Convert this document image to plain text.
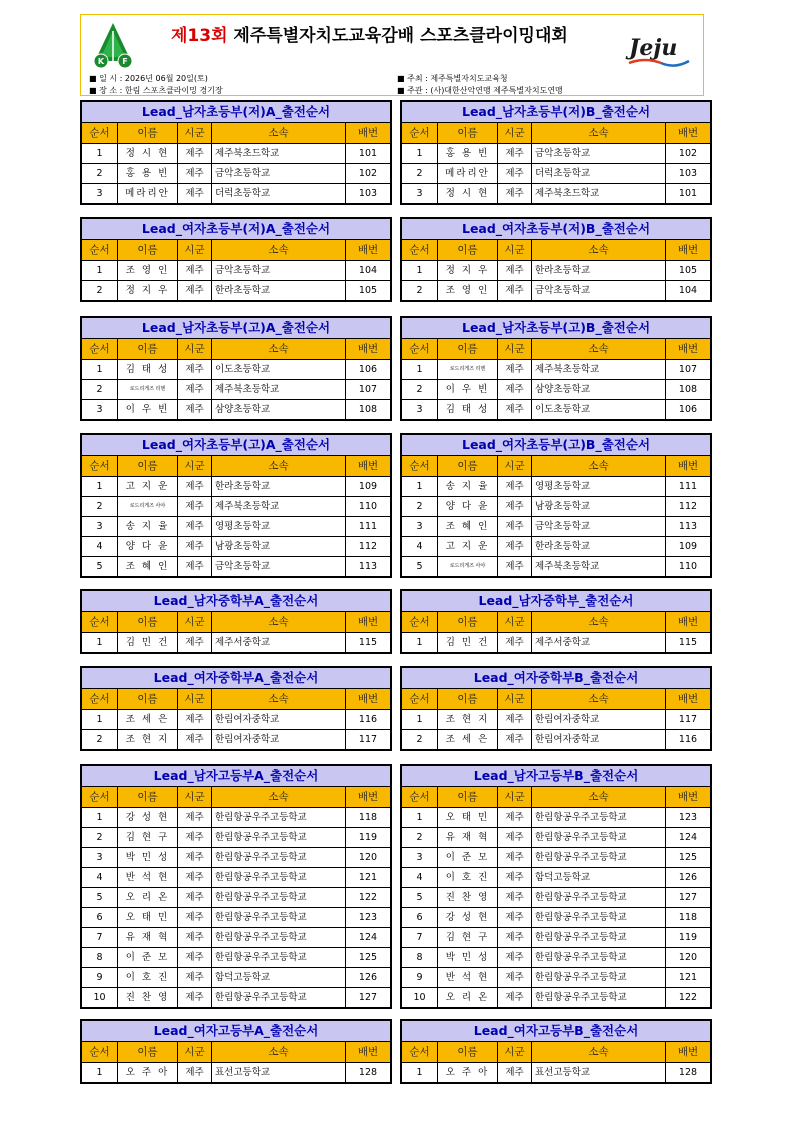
K F
제13회 제주특별자치도교육감배 스포츠클라이밍대회	Jeju
■ 일 시 : 2026년 06월 20일(토)
■ 장 소 : 한림 스포츠클라이밍 경기장
■ 주최 : 제주특별자치도교육청
■ 주관 : (사)대한산악연맹 제주특별자치도연맹
Lead_남자초등부(저)A_출전순서
순서	이름	시군	소속	배번
1	정 시 현	제주	제주북초드학교	101
2	홍 용 빈	제주	금악초등학교	102
3	메라리안	제주	더럭초등학교	103
Lead_남자초등부(저)B_출전순서
순서	이름	시군	소속	배번
1	홍 용 빈	제주	금악초등학교	102
2	메라리안	제주	더럭초등학교	103
3	정 시 현	제주	제주북초드학교	101
Lead_여자초등부(저)A_출전순서
순서	이름	시군	소속	배번
1	조 영 인	제주	금악초등학교	104
2	정 지 우	제주	한라초등학교	105
Lead_여자초등부(저)B_출전순서
순서	이름	시군	소속	배번
1	정 지 우	제주	한라초등학교	105
2	조 영 인	제주	금악초등학교	104
Lead_남자초등부(고)A_출전순서
순서	이름	시군	소속	배번
1	김 태 성	제주	이도초등학교	106
2	로드리게즈 리헨	제주	제주북초등학교	107
3	이 우 빈	제주	삼양초등학교	108
Lead_남자초등부(고)B_출전순서
순서	이름	시군	소속	배번
1	로드리게즈 리헨	제주	제주북초등학교	107
2	이 우 빈	제주	삼양초등학교	108
3	김 태 성	제주	이도초등학교	106
Lead_여자초등부(고)A_출전순서
순서	이름	시군	소속	배번
1	고 지 운	제주	한라초등학교	109
2	로드리게즈 사야	제주	제주북초등학교	110
3	송 지 율	제주	영평초등학교	111
4	양 다 윤	제주	남광초등학교	112
5	조 혜 인	제주	금악초등학교	113
Lead_여자초등부(고)B_출전순서
순서	이름	시군	소속	배번
1	송 지 율	제주	영평초등학교	111
2	양 다 윤	제주	남광초등학교	112
3	조 혜 인	제주	금악초등학교	113
4	고 지 운	제주	한라초등학교	109
5	로드리게즈 사야	제주	제주북초등학교	110
Lead_남자중학부A_출전순서
순서	이름	시군	소속	배번
1	김 민 건	제주	제주서중학교	115
Lead_남자중학부_출전순서
순서	이름	시군	소속	배번
1	김 민 건	제주	제주서중학교	115
Lead_여자중학부A_출전순서
순서	이름	시군	소속	배번
1	조 세 은	제주	한림여자중학교	116
2	조 현 지	제주	한림여자중학교	117
Lead_여자중학부B_출전순서
순서	이름	시군	소속	배번
1	조 현 지	제주	한림여자중학교	117
2	조 세 은	제주	한림여자중학교	116
Lead_남자고등부A_출전순서
순서	이름	시군	소속	배번
1	강 성 현	제주	한림항공우주고등학교	118
2	김 현 구	제주	한림항공우주고등학교	119
3	박 민 성	제주	한림항공우주고등학교	120
4	반 석 현	제주	한림항공우주고등학교	121
5	오 리 온	제주	한림항공우주고등학교	122
6	오 태 민	제주	한림항공우주고등학교	123
7	유 재 혁	제주	한림항공우주고등학교	124
8	이 준 모	제주	한림항공우주고등학교	125
9	이 호 진	제주	함덕고등학교	126
10	진 찬 영	제주	한림항공우주고등학교	127
Lead_남자고등부B_출전순서
순서	이름	시군	소속	배번
1	오 태 민	제주	한림항공우주고등학교	123
2	유 재 혁	제주	한림항공우주고등학교	124
3	이 준 모	제주	한림항공우주고등학교	125
4	이 호 진	제주	함덕고등학교	126
5	진 찬 영	제주	한림항공우주고등학교	127
6	강 성 현	제주	한림항공우주고등학교	118
7	김 현 구	제주	한림항공우주고등학교	119
8	박 민 성	제주	한림항공우주고등학교	120
9	반 석 현	제주	한림항공우주고등학교	121
10	오 리 온	제주	한림항공우주고등학교	122
Lead_여자고등부A_출전순서
순서	이름	시군	소속	배번
1	오 주 아	제주	표선고등학교	128
Lead_여자고등부B_출전순서
순서	이름	시군	소속	배번
1	오 주 아	제주	표선고등학교	128
